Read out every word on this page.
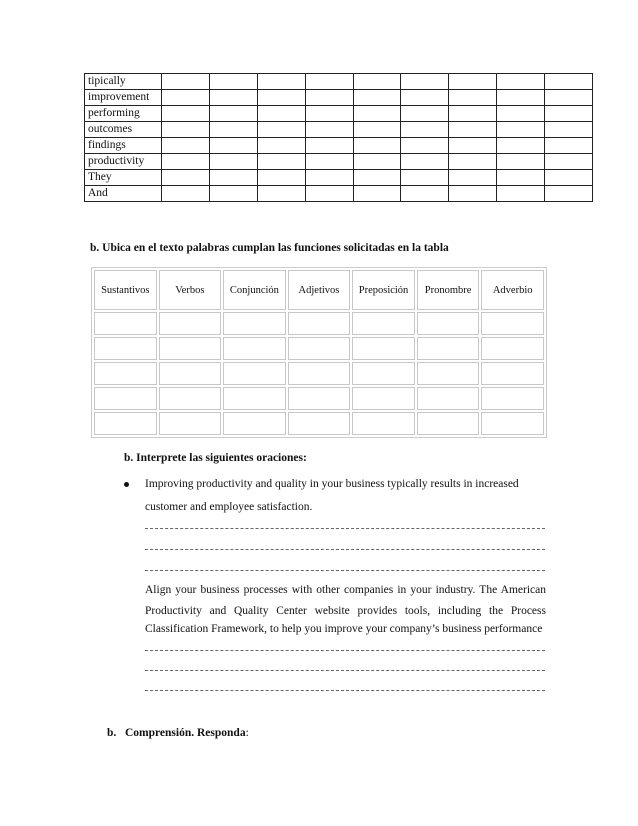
tipically									
improvement									
performing									
outcomes									
findings									
productivity									
They									
And									
b. Ubica en el texto palabras cumplan las funciones solicitadas en la tabla
Sustantivos	Verbos	Conjunción	Adjetivos	Preposición	Pronombre	Adverbio

b. Interprete las siguientes oraciones:
Improving productivity and quality in your business typically results in increased
customer and employee satisfaction.
Align your business processes with other companies in your industry. The American
Productivity and Quality Center website provides tools, including the Process
Classification Framework, to help you improve your company’s business performance
b. Comprensión. Responda:
